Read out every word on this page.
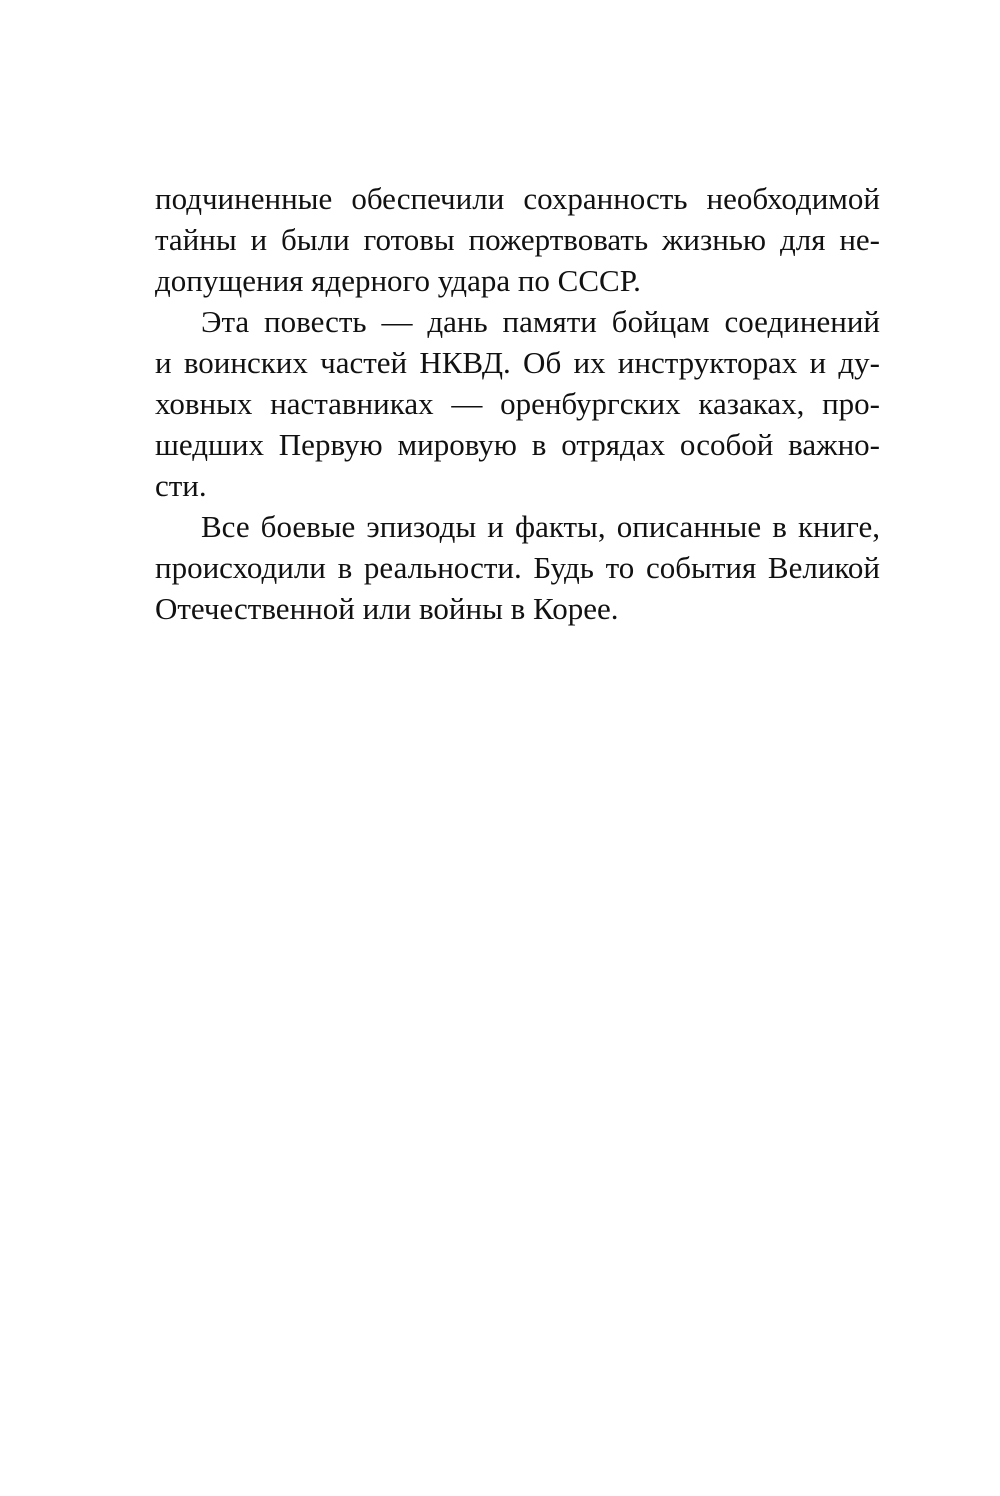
подчиненные обеспечили сохранность необходимой
тайны и были готовы пожертвовать жизнью для не-
допущения ядерного удара по СССР.
Эта повесть — дань памяти бойцам соединений
и воинских частей НКВД. Об их инструкторах и ду-
ховных наставниках — оренбургских казаках, про-
шедших Первую мировую в отрядах особой важно-
сти.
Все боевые эпизоды и факты, описанные в книге,
происходили в реальности. Будь то события Великой
Отечественной или войны в Корее.
